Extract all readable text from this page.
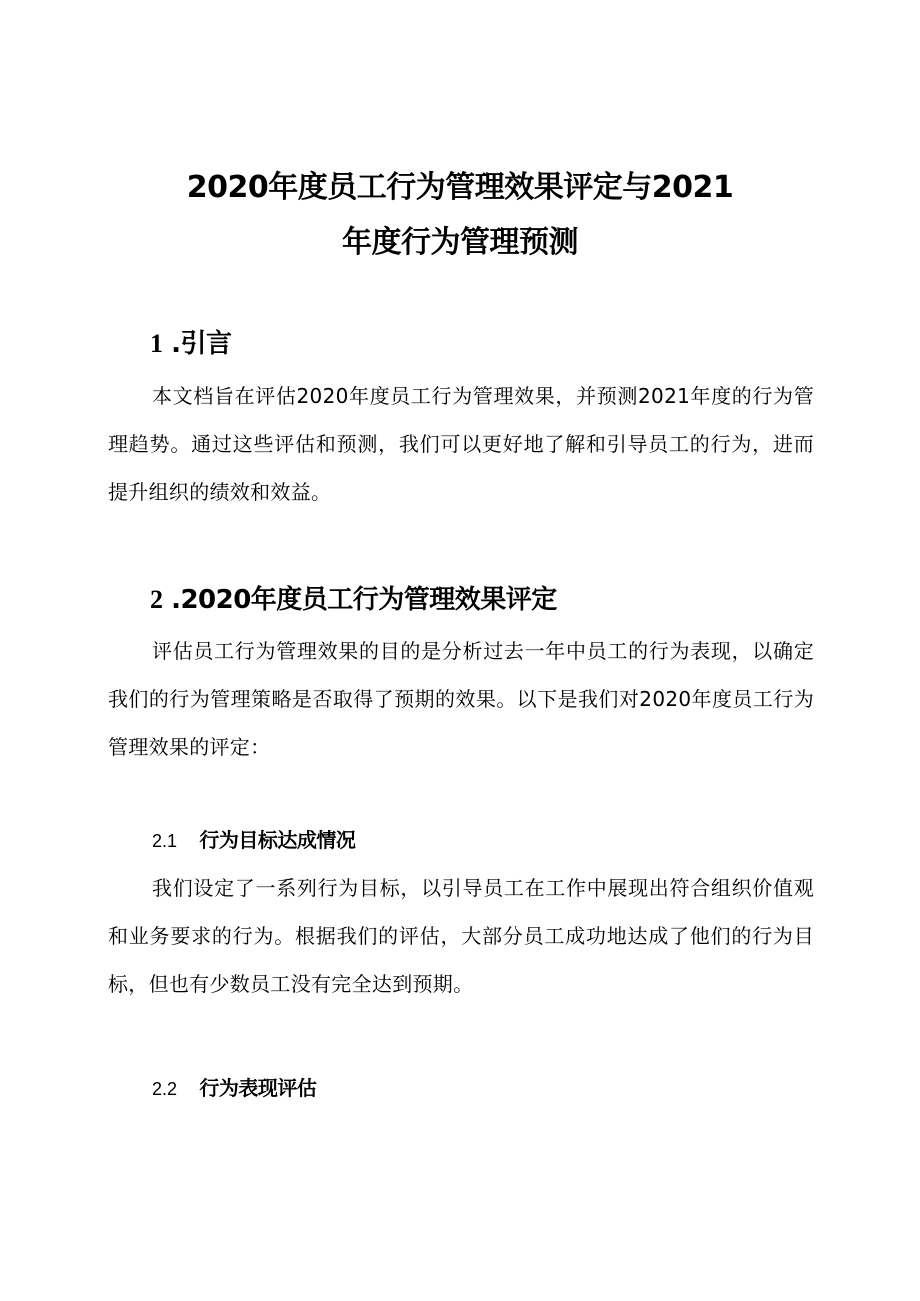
2020年度员工行为管理效果评定与2021
年度行为管理预测
1 .引言
本文档旨在评估2020年度员工行为管理效果，并预测2021年度的行为管理趋势。通过这些评估和预测，我们可以更好地了解和引导员工的行为，进而提升组织的绩效和效益。
2 .2020年度员工行为管理效果评定
评估员工行为管理效果的目的是分析过去一年中员工的行为表现，以确定我们的行为管理策略是否取得了预期的效果。以下是我们对2020年度员工行为管理效果的评定：
2.1 行为目标达成情况
我们设定了一系列行为目标，以引导员工在工作中展现出符合组织价值观和业务要求的行为。根据我们的评估，大部分员工成功地达成了他们的行为目标，但也有少数员工没有完全达到预期。
2.2 行为表现评估
